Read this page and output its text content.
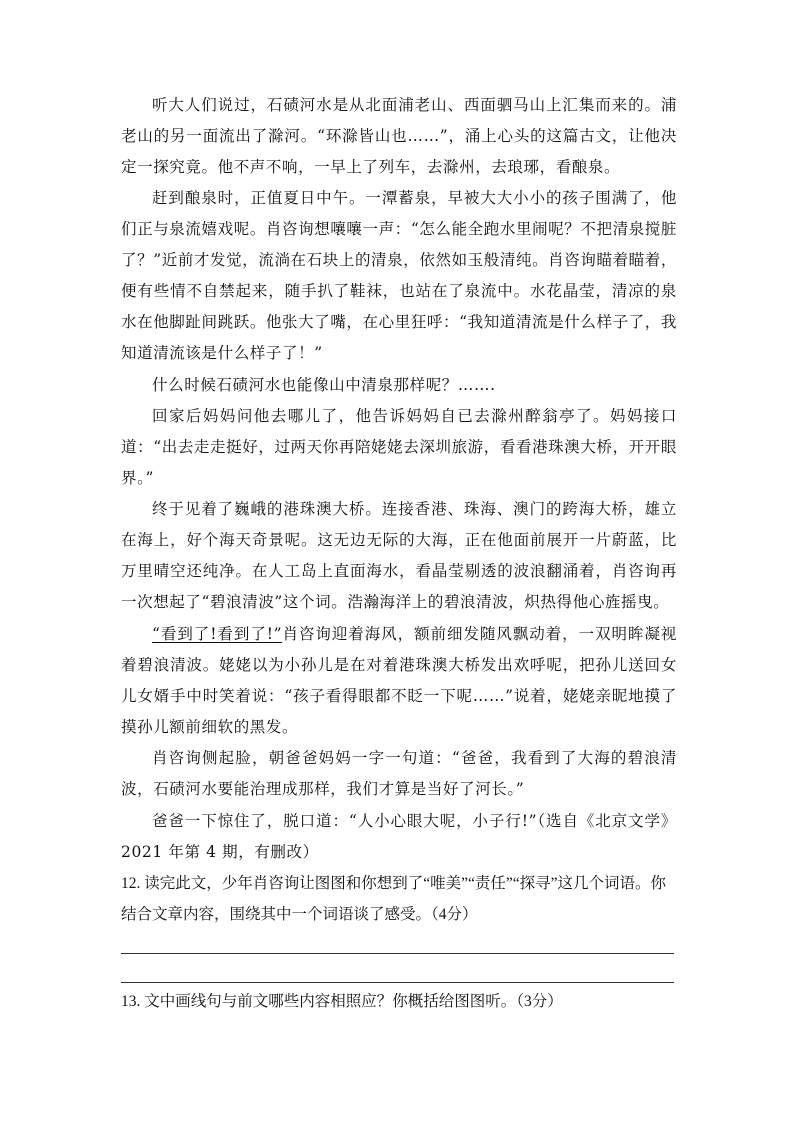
听大人们说过，石碛河水是从北面浦老山、西面驷马山上汇集而来的。浦老山的另一面流出了滁河。“环滁皆山也……”，涌上心头的这篇古文，让他决定一探究竟。他不声不响，一早上了列车，去滁州，去琅琊，看酿泉。

赶到酿泉时，正值夏日中午。一潭蓄泉，早被大大小小的孩子围满了，他们正与泉流嬉戏呢。肖咨询想嚷嚷一声：“怎么能全跑水里闹呢？不把清泉搅脏了？”近前才发觉，流淌在石块上的清泉，依然如玉般清纯。肖咨询瞄着瞄着，便有些情不自禁起来，随手扒了鞋袜，也站在了泉流中。水花晶莹，清凉的泉水在他脚趾间跳跃。他张大了嘴，在心里狂呼：“我知道清流是什么样子了，我知道清流该是什么样子了！”

什么时候石碛河水也能像山中清泉那样呢？…….

回家后妈妈问他去哪儿了，他告诉妈妈自已去滁州醉翁亭了。妈妈接口道：“出去走走挺好，过两天你再陪姥姥去深圳旅游，看看港珠澳大桥，开开眼界。”

终于见着了巍峨的港珠澳大桥。连接香港、珠海、澳门的跨海大桥，雄立在海上，好个海天奇景呢。这无边无际的大海，正在他面前展开一片蔚蓝，比万里晴空还纯净。在人工岛上直面海水，看晶莹剔透的波浪翻涌着，肖咨询再一次想起了“碧浪清波”这个词。浩瀚海洋上的碧浪清波，炽热得他心旌摇曳。

“看到了!看到了!”肖咨询迎着海风，额前细发随风飘动着，一双明眸凝视着碧浪清波。姥姥以为小孙儿是在对着港珠澳大桥发出欢呼呢，把孙儿送回女儿女婿手中时笑着说：“孩子看得眼都不眨一下呢……”说着，姥姥亲昵地摸了摸孙儿额前细软的黑发。

肖咨询侧起脸，朝爸爸妈妈一字一句道：“爸爸，我看到了大海的碧浪清波，石碛河水要能治理成那样，我们才算是当好了河长。”

爸爸一下惊住了，脱口道：“人小心眼大呢，小子行!”（选自《北京文学》2021 年第 4 期，有删改）

12. 读完此文，少年肖咨询让图图和你想到了“唯美”“责任”“探寻”这几个词语。你结合文章内容，围绕其中一个词语谈了感受。（4分）

13. 文中画线句与前文哪些内容相照应？你概括给图图听。（3分）
